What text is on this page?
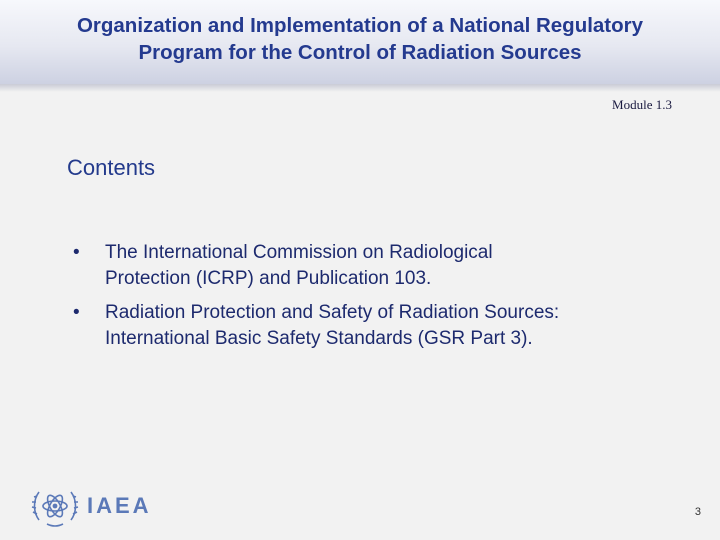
Organization and Implementation of a National Regulatory
Program for the Control of Radiation Sources
Module 1.3
Contents
• The International Commission on Radiological
Protection (ICRP) and Publication 103.
• Radiation Protection and Safety of Radiation Sources:
International Basic Safety Standards (GSR Part 3).
IAEA	3
